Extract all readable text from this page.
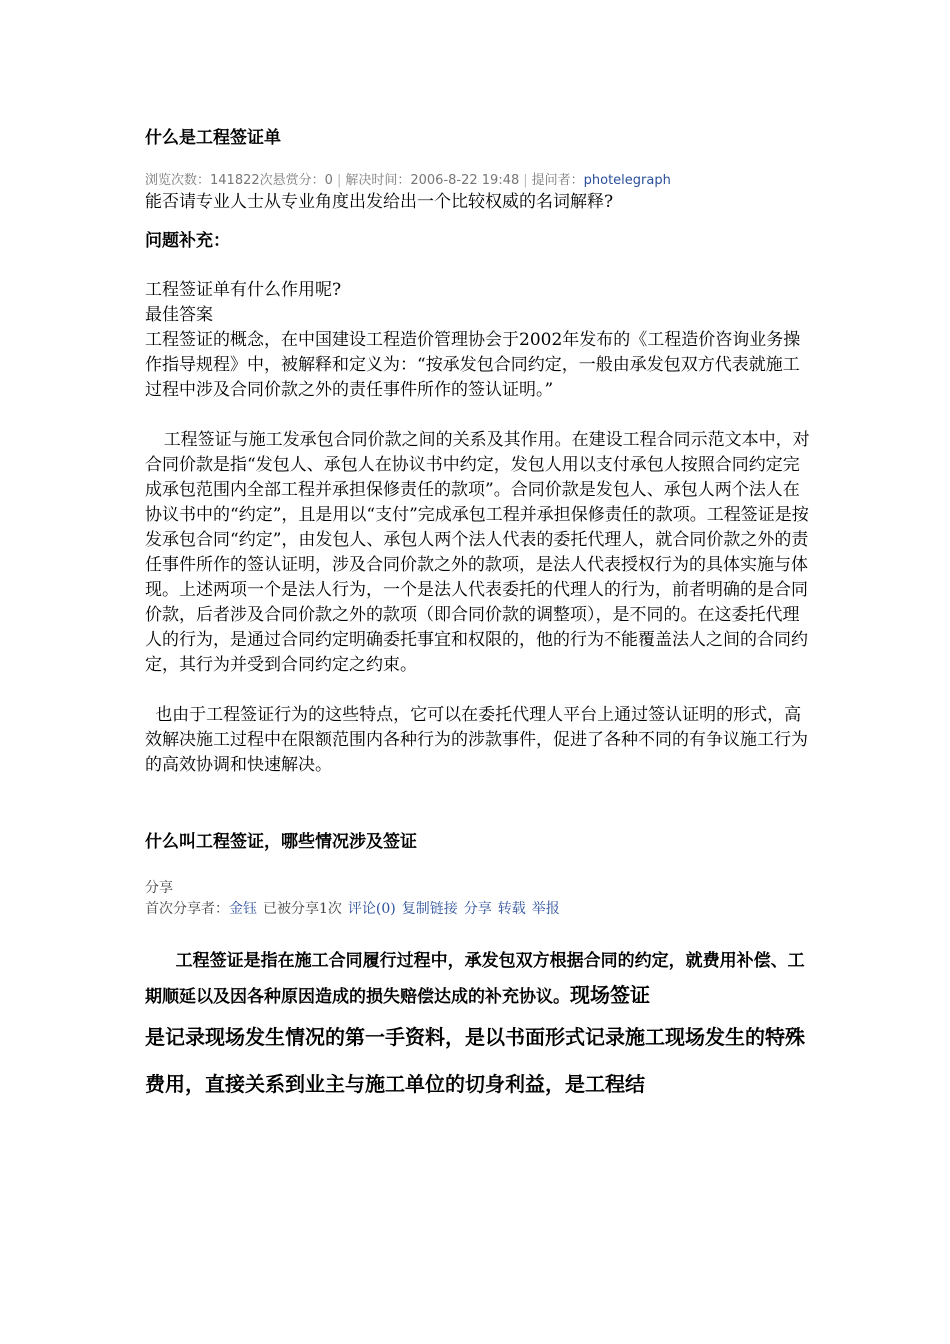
什么是工程签证单
浏览次数：141822次悬赏分：0 | 解决时间：2006-8-22 19:48 | 提问者：photelegraph

能否请专业人士从专业角度出发给出一个比较权威的名词解释?

问题补充：

工程签证单有什么作用呢?

最佳答案

工程签证的概念，在中国建设工程造价管理协会于2002年发布的《工程造价咨询业务操作指导规程》中，被解释和定义为：“按承发包合同约定，一般由承发包双方代表就施工过程中涉及合同价款之外的责任事件所作的签认证明。”

工程签证与施工发承包合同价款之间的关系及其作用。在建设工程合同示范文本中，对合同价款是指“发包人、承包人在协议书中约定，发包人用以支付承包人按照合同约定完成承包范围内全部工程并承担保修责任的款项”。合同价款是发包人、承包人两个法人在协议书中的“约定”，且是用以“支付”完成承包工程并承担保修责任的款项。工程签证是按发承包合同“约定”，由发包人、承包人两个法人代表的委托代理人，就合同价款之外的责任事件所作的签认证明，涉及合同价款之外的款项，是法人代表授权行为的具体实施与体现。上述两项一个是法人行为，一个是法人代表委托的代理人的行为，前者明确的是合同价款，后者涉及合同价款之外的款项（即合同价款的调整项），是不同的。在这委托代理人的行为，是通过合同约定明确委托事宜和权限的，他的行为不能覆盖法人之间的合同约定，其行为并受到合同约定之约束。

也由于工程签证行为的这些特点，它可以在委托代理人平台上通过签认证明的形式，高效解决施工过程中在限额范围内各种行为的涉款事件，促进了各种不同的有争议施工行为的高效协调和快速解决。

什么叫工程签证，哪些情况涉及签证
分享
首次分享者：金钰 已被分享1次 评论(0) 复制链接 分享 转载 举报

工程签证是指在施工合同履行过程中，承发包双方根据合同的约定，就费用补偿、工期顺延以及因各种原因造成的损失赔偿达成的补充协议。现场签证

是记录现场发生情况的第一手资料，是以书面形式记录施工现场发生的特殊费用，直接关系到业主与施工单位的切身利益，是工程结
